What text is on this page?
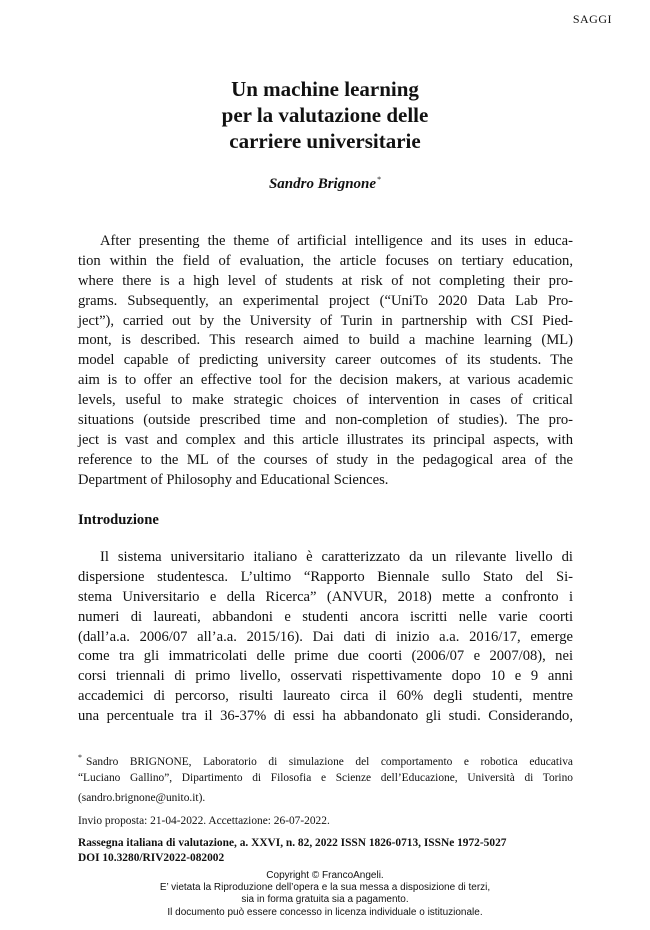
SAGGI
Un machine learning
per la valutazione delle
carriere universitarie
Sandro Brignone*
After presenting the theme of artificial intelligence and its uses in educa-
tion within the field of evaluation, the article focuses on tertiary education,
where there is a high level of students at risk of not completing their pro-
grams. Subsequently, an experimental project (“UniTo 2020 Data Lab Pro-
ject”), carried out by the University of Turin in partnership with CSI Pied-
mont, is described. This research aimed to build a machine learning (ML)
model capable of predicting university career outcomes of its students. The
aim is to offer an effective tool for the decision makers, at various academic
levels, useful to make strategic choices of intervention in cases of critical
situations (outside prescribed time and non-completion of studies). The pro-
ject is vast and complex and this article illustrates its principal aspects, with
reference to the ML of the courses of study in the pedagogical area of the
Department of Philosophy and Educational Sciences.
Introduzione
Il sistema universitario italiano è caratterizzato da un rilevante livello di
dispersione studentesca. L’ultimo “Rapporto Biennale sullo Stato del Si-
stema Universitario e della Ricerca” (ANVUR, 2018) mette a confronto i
numeri di laureati, abbandoni e studenti ancora iscritti nelle varie coorti
(dall’a.a. 2006/07 all’a.a. 2015/16). Dai dati di inizio a.a. 2016/17, emerge
come tra gli immatricolati delle prime due coorti (2006/07 e 2007/08), nei
corsi triennali di primo livello, osservati rispettivamente dopo 10 e 9 anni
accademici di percorso, risulti laureato circa il 60% degli studenti, mentre
una percentuale tra il 36-37% di essi ha abbandonato gli studi. Considerando,
* Sandro BRIGNONE, Laboratorio di simulazione del comportamento e robotica educativa
“Luciano Gallino”, Dipartimento di Filosofia e Scienze dell’Educazione, Università di Torino
(sandro.brignone@unito.it).
Invio proposta: 21-04-2022. Accettazione: 26-07-2022.
Rassegna italiana di valutazione, a. XXVI, n. 82, 2022 ISSN 1826-0713, ISSNe 1972-5027
DOI 10.3280/RIV2022-082002
Copyright © FrancoAngeli.
E’ vietata la Riproduzione dell’opera e la sua messa a disposizione di terzi,
sia in forma gratuita sia a pagamento.
Il documento può essere concesso in licenza individuale o istituzionale.
